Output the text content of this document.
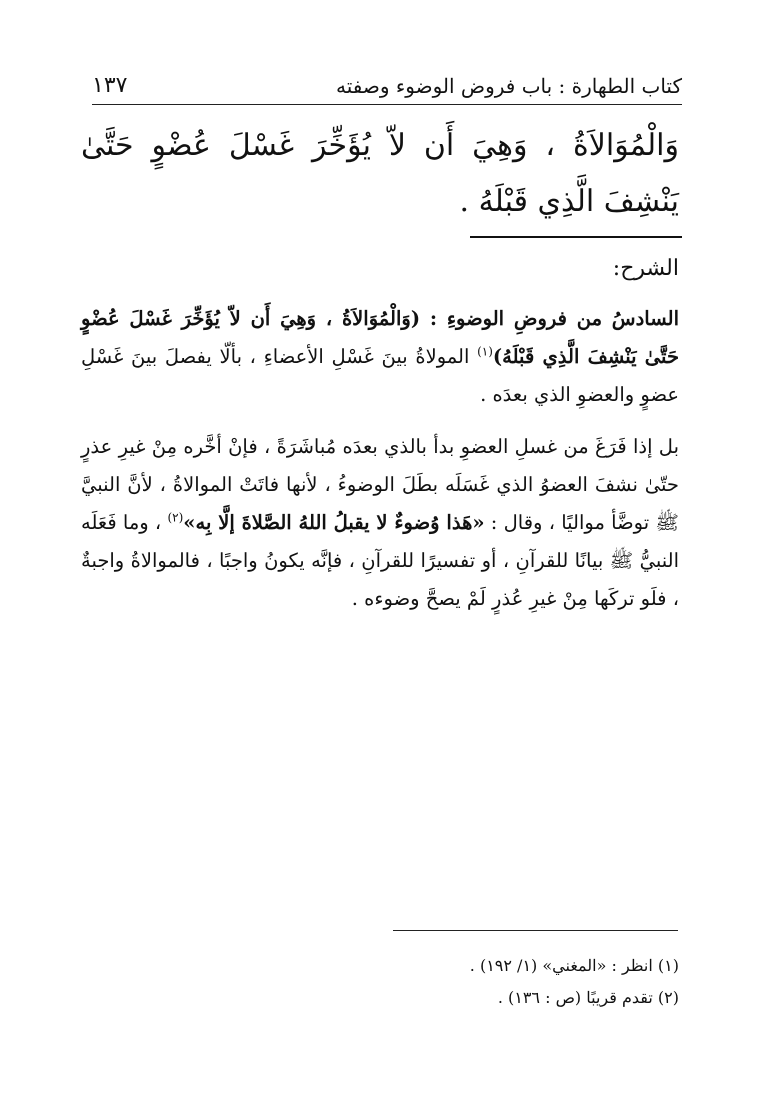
كتاب الطهارة : باب فروض الوضوء وصفته
١٣٧
وَالْمُوَالاَةُ ، وَهِيَ أَن لاّ يُؤَخِّرَ غَسْلَ عُضْوٍ حَتَّىٰ يَنْشِفَ الَّذِي قَبْلَهُ .
الشرح:

السادسُ من فروضِ الوضوءِ : (وَالْمُوَالاَةُ ، وَهِيَ أَن لاّ يُؤَخِّرَ غَسْلَ عُضْوٍ حَتَّىٰ يَنْشِفَ الَّذِي قَبْلَهُ)$^{(١)}$ المولاةُ بينَ غَسْلِ الأعضاءِ ، بألّا يفصلَ بينَ غَسْلِ عضوٍ والعضوِ الذي بعدَه .

بل إذا فَرَغَ من غسلِ العضوِ بدأ بالذي بعدَه مُباشَرَةً ، فإنْ أخَّره مِنْ غيرِ عذرٍ حتّىٰ نشفَ العضوُ الذي غَسَلَه بطَلَ الوضوءُ ، لأنها فاتَتْ الموالاةُ ، لأنَّ النبيَّ ﷺ توضَّأ مواليًا ، وقال : «هَذا وُضوءٌ لا يقبلُ اللهُ الصَّلاةَ إلَّا بِه»$^{(٢)}$ ، وما فَعَلَه النبيُّ ﷺ بيانًا للقرآنِ ، أو تفسيرًا للقرآنِ ، فإنَّه يكونُ واجبًا ، فالموالاةُ واجبةٌ ، فلَو تركَها مِنْ غيرِ عُذرٍ لَمْ يصحَّ وضوءه .

(١) انظر : «المغني» (١/ ١٩٢) .
(٢) تقدم قريبًا (ص : ١٣٦) .
